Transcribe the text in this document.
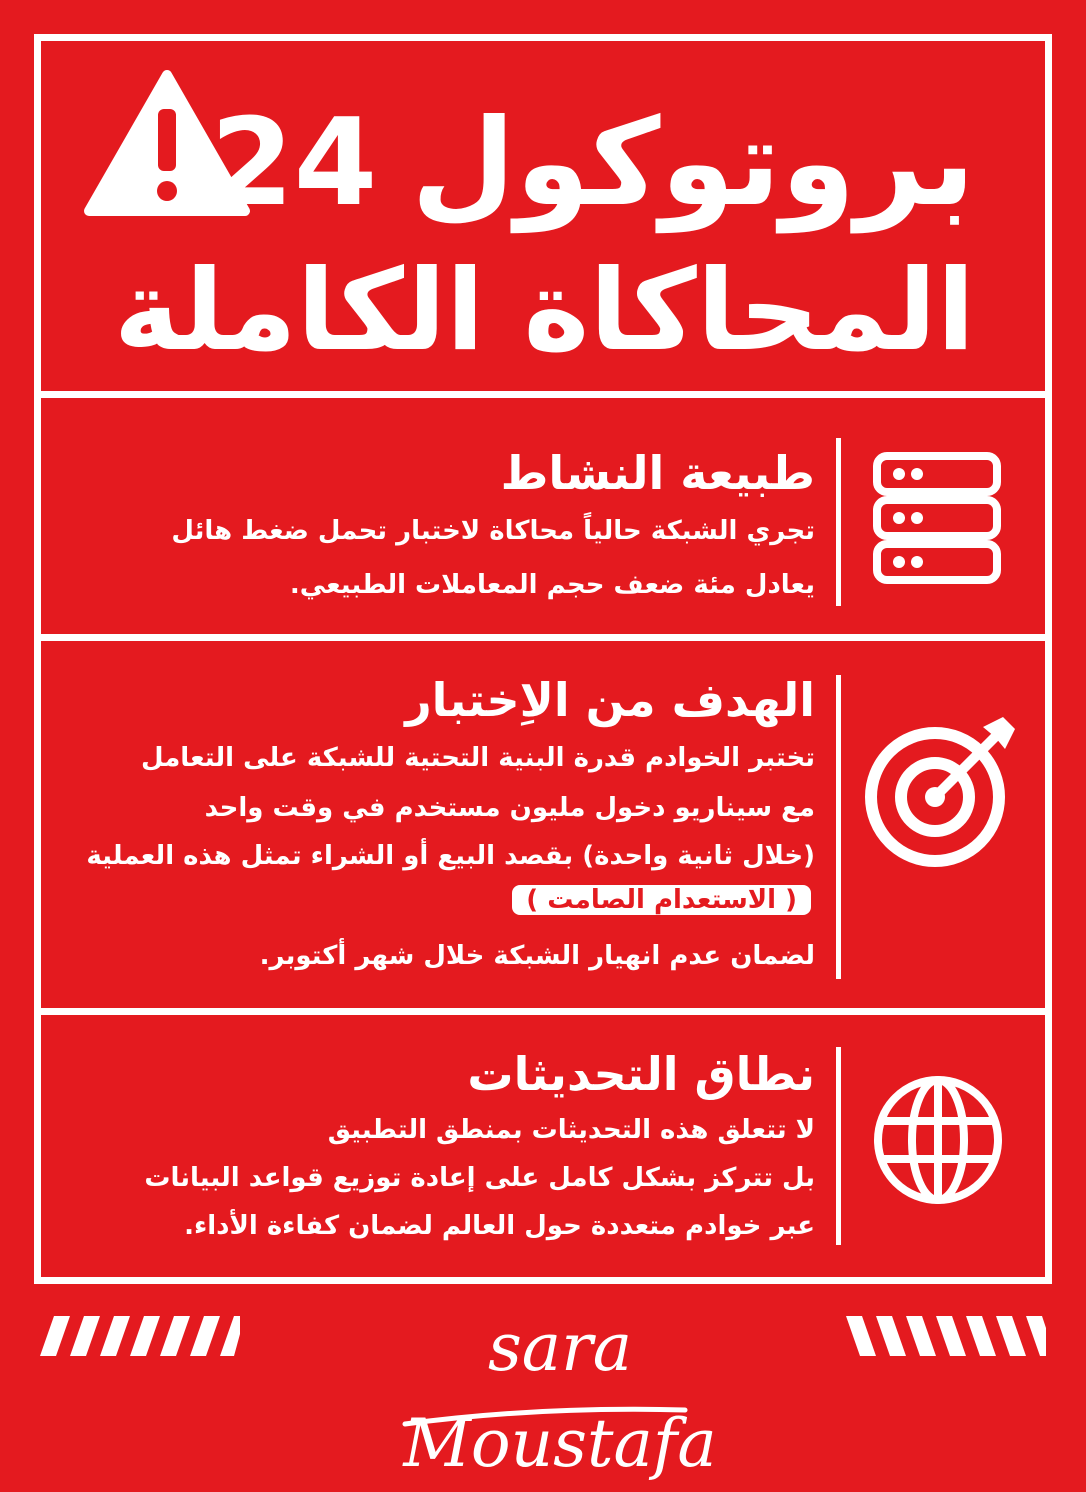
بروتوكول
24
المحاكاة الكاملة
طبيعة النشاط
تجري الشبكة حالياً محاكاة لاختبار تحمل ضغط هائل
يعادل مئة ضعف حجم المعاملات الطبيعي.
الهدف من الاِختبار
تختبر الخوادم قدرة البنية التحتية للشبكة على التعامل
مع سيناريو دخول مليون مستخدم في وقت واحد
(خلال ثانية واحدة) بقصد البيع أو الشراء تمثل هذه العملية
( الاستعدام الصامت )
لضمان عدم انهيار الشبكة خلال شهر أكتوبر.
نطاق التحديثات
لا تتعلق هذه التحديثات بمنطق التطبيق
بل تتركز بشكل كامل على إعادة توزيع قواعد البيانات
عبر خوادم متعددة حول العالم لضمان كفاءة الأداء.
sara Moustafa
